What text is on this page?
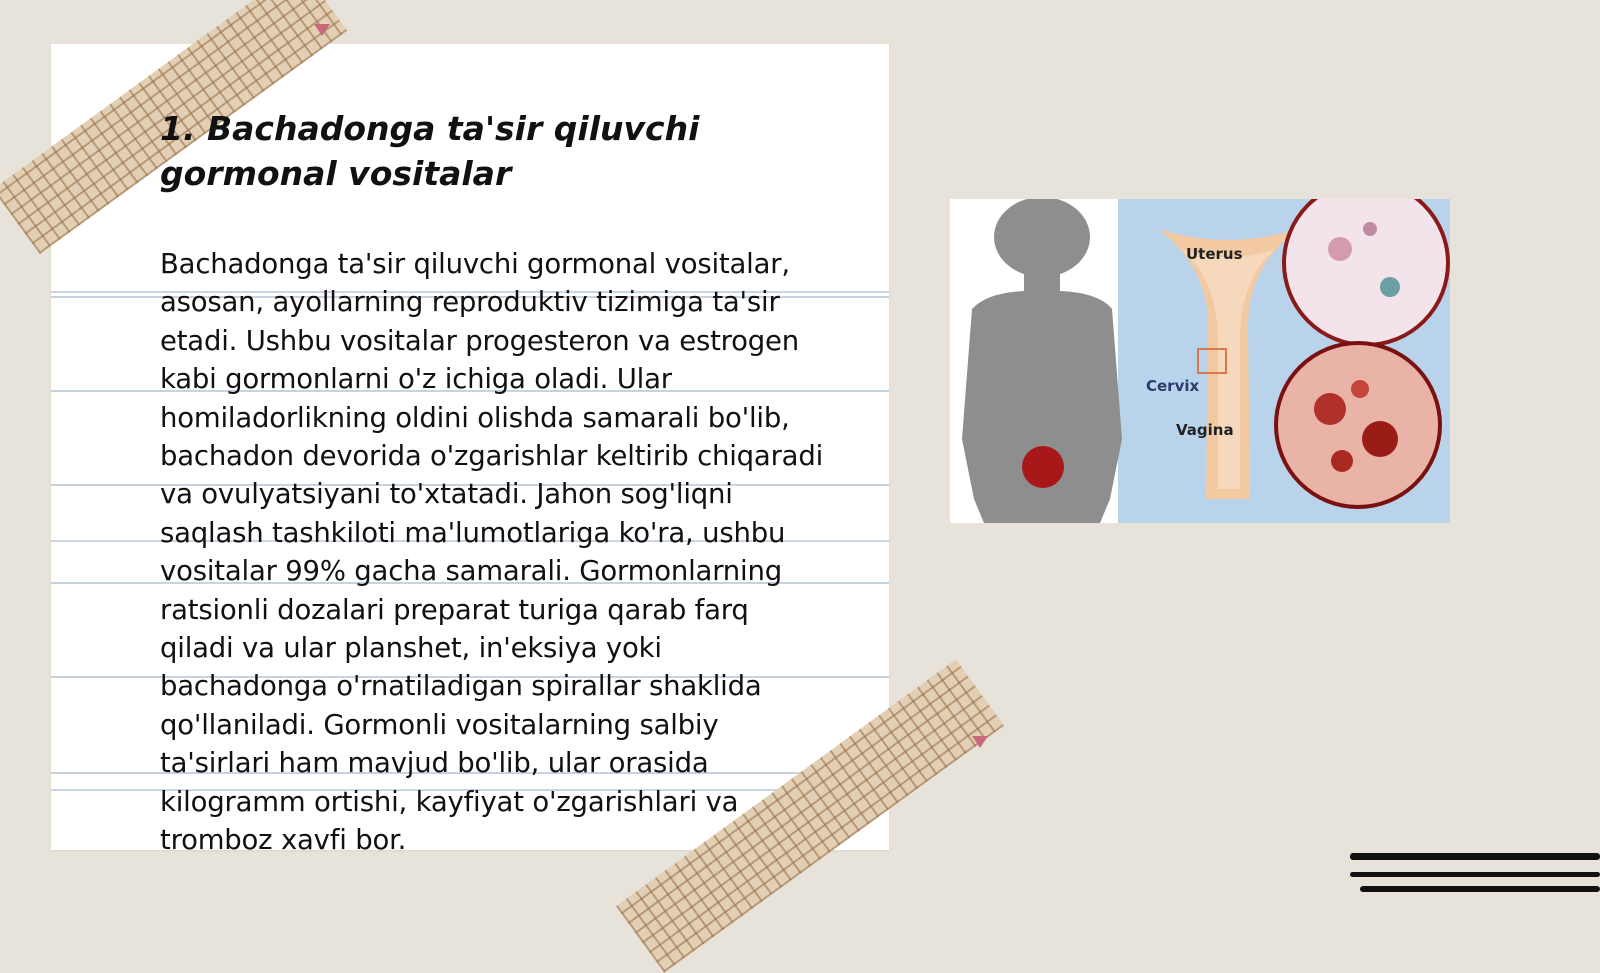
1. Bachadonga ta'sir qiluvchi gormonal vositalar

Bachadonga ta'sir qiluvchi gormonal vositalar, asosan, ayollarning reproduktiv tizimiga ta'sir etadi. Ushbu vositalar progesteron va estrogen kabi gormonlarni o'z ichiga oladi. Ular homiladorlikning oldini olishda samarali bo'lib, bachadon devorida o'zgarishlar keltirib chiqaradi va ovulyatsiyani to'xtatadi. Jahon sog'liqni saqlash tashkiloti ma'lumotlariga ko'ra, ushbu vositalar 99% gacha samarali. Gormonlarning ratsionli dozalari preparat turiga qarab farq qiladi va ular planshet, in'eksiya yoki bachadonga o'rnatiladigan spirallar shaklida qo'llaniladi. Gormonli vositalarning salbiy ta'sirlari ham mavjud bo'lib, ular orasida kilogramm ortishi, kayfiyat o'zgarishlari va tromboz xavfi bor.

Uterus
Cervix
Vagina
